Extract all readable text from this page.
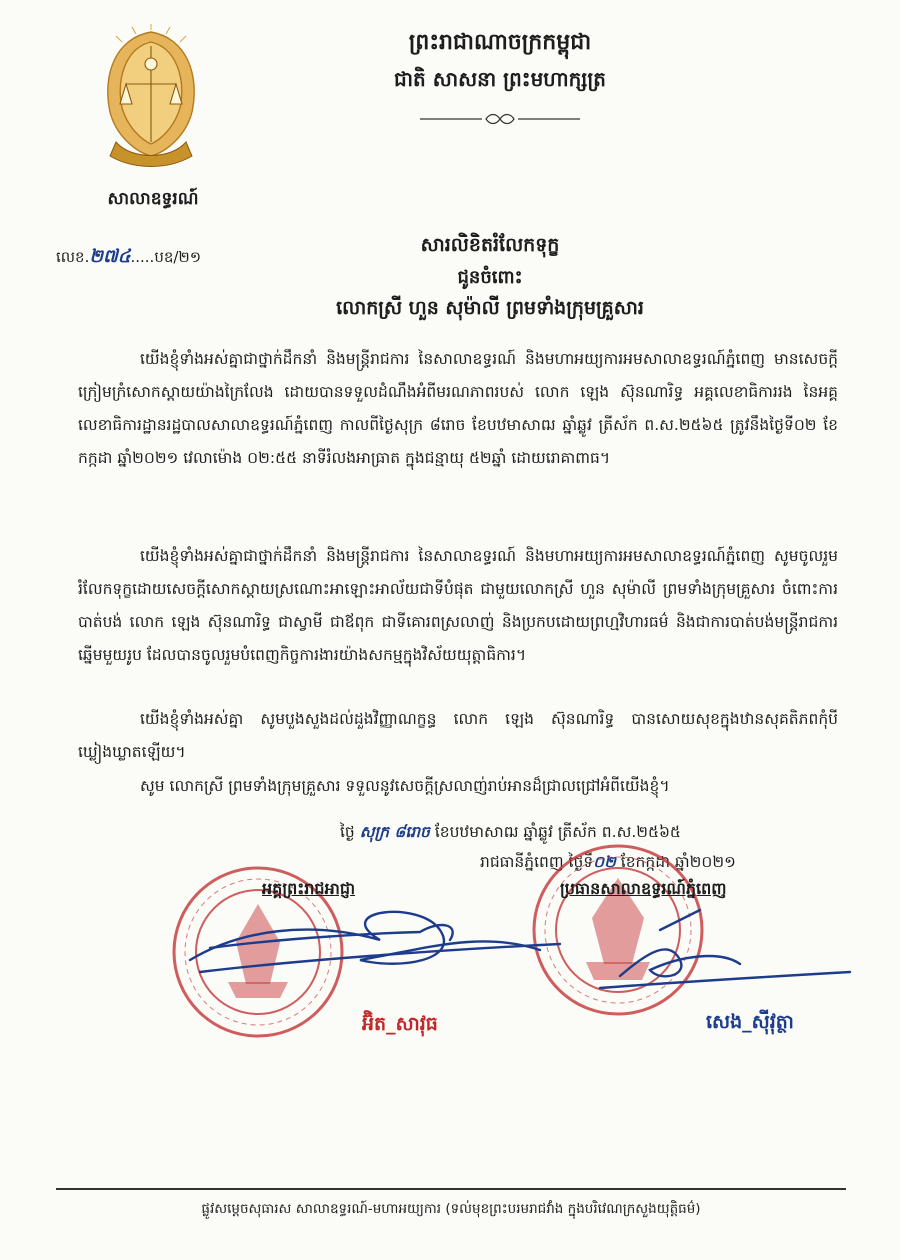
ព្រះរាជាណាចក្រកម្ពុជា
ជាតិ សាសនា ព្រះមហាក្សត្រ
សាលាឧទ្ធរណ៍
លេខ.២៧៤.....បឧ/២១
សារលិខិតរំលែកទុក្ខ
ជូនចំពោះ
លោកស្រី ហួន សុម៉ាលី ព្រមទាំងក្រុមគ្រួសារ

យើងខ្ញុំទាំងអស់គ្នាជាថ្នាក់ដឹកនាំ និងមន្ត្រីរាជការ នៃសាលាឧទ្ធរណ៍ និងមហាអយ្យការអមសាលាឧទ្ធរណ៍ភ្នំពេញ មានសេចក្តីក្រៀមក្រំសោកស្តាយយ៉ាងក្រៃលែង ដោយបានទទួលដំណឹងអំពីមរណភាពរបស់ លោក ឡេង ស៊ុនណារិទ្ធ អគ្គលេខាធិការរង នៃអគ្គលេខាធិការដ្ឋានរដ្ឋបាលសាលាឧទ្ធរណ៍ភ្នំពេញ កាលពីថ្ងៃសុក្រ ៨រោច ខែបឋមាសាឍ ឆ្នាំឆ្លូវ ត្រីស័ក ព.ស.២៥៦៥ ត្រូវនឹងថ្ងៃទី០២ ខែកក្កដា ឆ្នាំ២០២១ វេលាម៉ោង ០២:៥៥ នាទីរំលងអាធ្រាត ក្នុងជន្មាយុ ៥២ឆ្នាំ ដោយរោគាពាធ។

យើងខ្ញុំទាំងអស់គ្នាជាថ្នាក់ដឹកនាំ និងមន្ត្រីរាជការ នៃសាលាឧទ្ធរណ៍ និងមហាអយ្យការអមសាលាឧទ្ធរណ៍ភ្នំពេញ សូមចូលរួមរំលែកទុក្ខដោយសេចក្តីសោកស្តាយស្រណោះអាឡោះអាល័យជាទីបំផុត ជាមួយលោកស្រី ហួន សុម៉ាលី ព្រមទាំងក្រុមគ្រួសារ ចំពោះការបាត់បង់ លោក ឡេង ស៊ុនណារិទ្ធ ជាស្វាមី ជាឪពុក ជាទីគោរពស្រលាញ់ និងប្រកបដោយព្រហ្មវិហារធម៌ និងជាការបាត់បង់មន្ត្រីរាជការឆ្នើមមួយរូប ដែលបានចូលរួមបំពេញកិច្ចការងារយ៉ាងសកម្មក្នុងវិស័យយុត្តាធិការ។

យើងខ្ញុំទាំងអស់គ្នា សូមបួងសួងដល់ដួងវិញ្ញាណក្ខន្ធ លោក ឡេង ស៊ុនណារិទ្ធ បានសោយសុខក្នុងឋានសុគតិភពកុំបីឃ្លៀងឃ្លាតឡើយ។

សូម លោកស្រី ព្រមទាំងក្រុមគ្រួសារ ទទួលនូវសេចក្តីស្រលាញ់រាប់អានដ៏ជ្រាលជ្រៅអំពីយើងខ្ញុំ។

ថ្ងៃ សុក្រ ៨រោច ខែបឋមាសាឍ ឆ្នាំឆ្លូវ ត្រីស័ក ព.ស.២៥៦៥
រាជធានីភ្នំពេញ ថ្ងៃទី០២ ខែកក្កដា ឆ្នាំ២០២១
អគ្គព្រះរាជអាជ្ញា	ប្រធានសាលាឧទ្ធរណ៍ភ្នំពេញ
អ៊ិត_សាវុធ	សេង_ស៊ីវុត្ថា
ផ្លូវសម្តេចសុធារស សាលាឧទ្ធរណ៍-មហាអយ្យការ (ទល់មុខព្រះបរមរាជវាំង ក្នុងបរិវេណក្រសួងយុត្តិធម៌)
